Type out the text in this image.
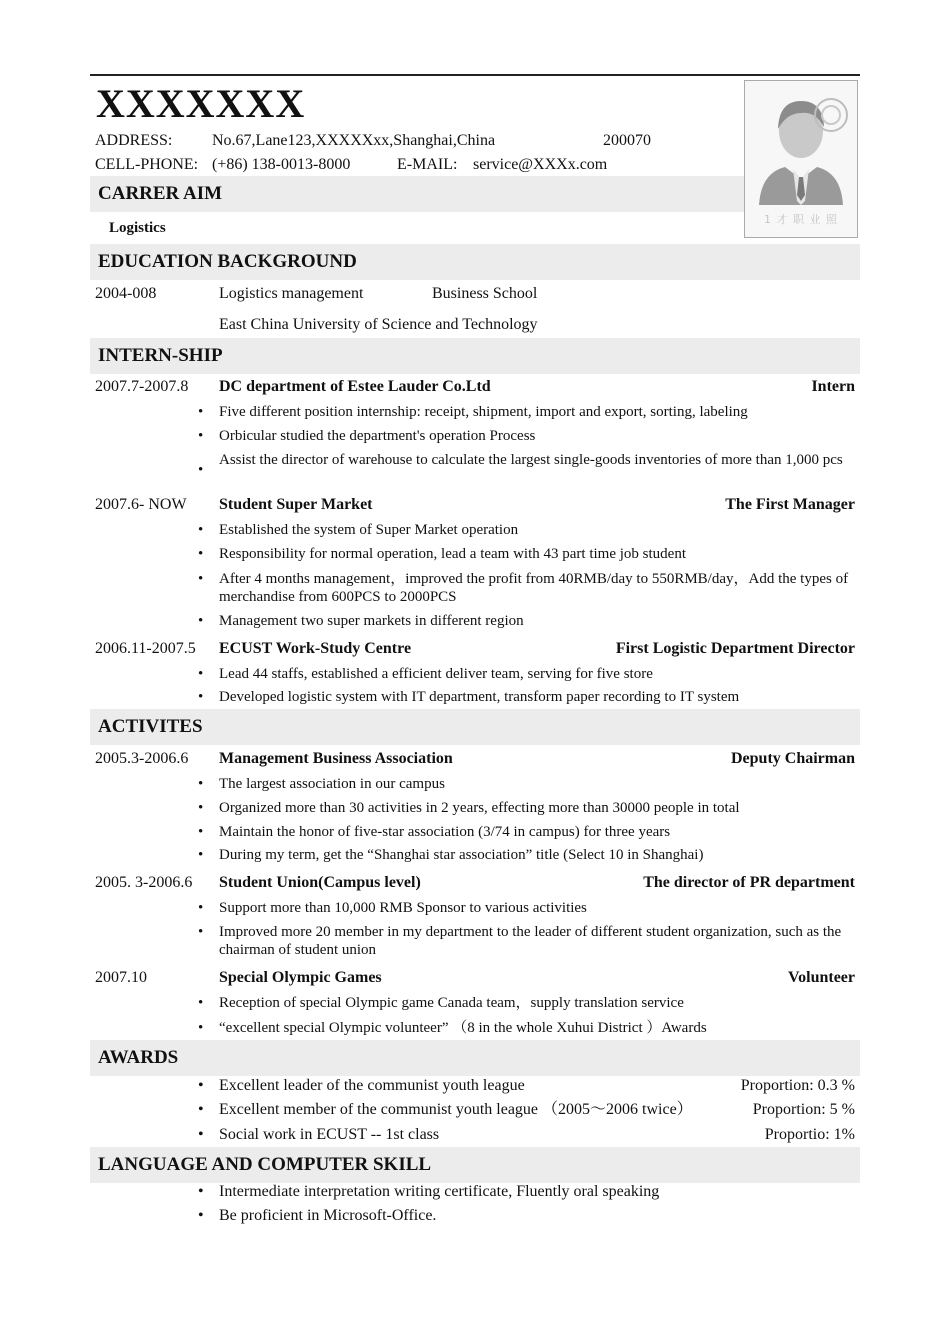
XXXXXXX
ADDRESS: No.67,Lane123,XXXXXxx,Shanghai,China	200070
CELL-PHONE: (+86) 138-0013-8000	E-MAIL: service@XXXx.com
1 才 职 业 照
CARRER AIM
Logistics
EDUCATION BACKGROUND
2004-008	Logistics management	Business School
East China University of Science and Technology
INTERN-SHIP
2007.7-2007.8 DC department of Estee Lauder Co.Ltd	Intern
• Five different position internship: receipt, shipment, import and export, sorting, labeling
• Orbicular studied the department's operation Process
•
Assist the director of warehouse to calculate the largest single-goods inventories of more than 1,000 pcs
2007.6- NOW Student Super Market	The First Manager
• Established the system of Super Market operation
• Responsibility for normal operation, lead a team with 43 part time job student
• After 4 months management，improved the profit from 40RMB/day to 550RMB/day，Add the types of merchandise from 600PCS to 2000PCS
• Management two super markets in different region
2006.11-2007.5 ECUST Work-Study Centre	First Logistic Department Director
• Lead 44 staffs, established a efficient deliver team, serving for five store
• Developed logistic system with IT department, transform paper recording to IT system
ACTIVITES
2005.3-2006.6 Management Business Association	Deputy Chairman
• The largest association in our campus
• Organized more than 30 activities in 2 years, effecting more than 30000 people in total
• Maintain the honor of five-star association (3/74 in campus) for three years
• During my term, get the “Shanghai star association” title (Select 10 in Shanghai)
2005. 3-2006.6 Student Union(Campus level)	The director of PR department
• Support more than 10,000 RMB Sponsor to various activities
• Improved more 20 member in my department to the leader of different student organization, such as the chairman of student union
2007.10	Special Olympic Games	Volunteer
• Reception of special Olympic game Canada team，supply translation service
• “excellent special Olympic volunteer” （8 in the whole Xuhui District ）Awards
AWARDS
• Excellent leader of the communist youth league	Proportion: 0.3 %
• Excellent member of the communist youth league （2005～2006 twice）	Proportion: 5 %
• Social work in ECUST -- 1st class	Proportio: 1%
LANGUAGE AND COMPUTER SKILL
• Intermediate interpretation writing certificate, Fluently oral speaking
• Be proficient in Microsoft-Office.
